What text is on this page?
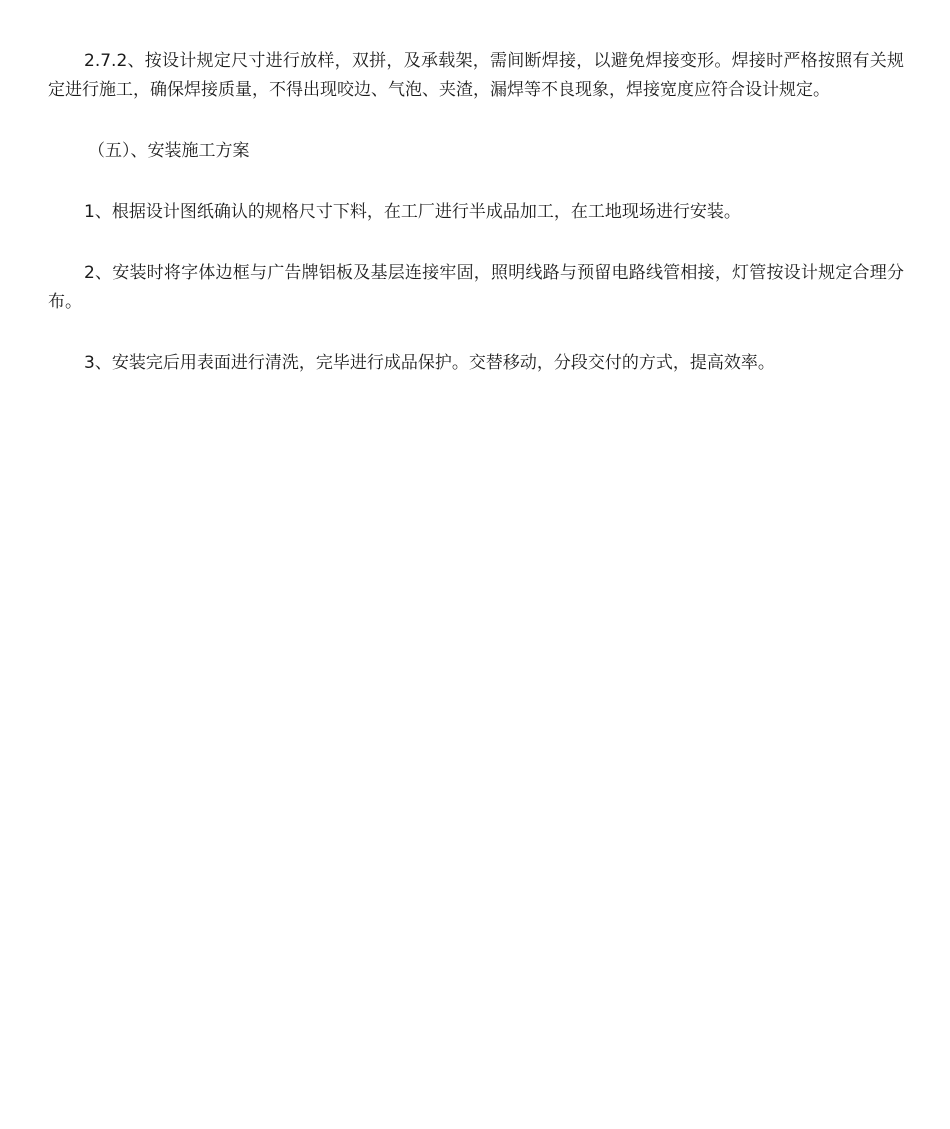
2.7.2、按设计规定尺寸进行放样，双拼，及承载架，需间断焊接，以避免焊接变形。焊接时严格按照有关规定进行施工，确保焊接质量，不得出现咬边、气泡、夹渣，漏焊等不良现象，焊接宽度应符合设计规定。

（五）、安装施工方案

1、根据设计图纸确认的规格尺寸下料，在工厂进行半成品加工，在工地现场进行安装。

2、安装时将字体边框与广告牌铝板及基层连接牢固，照明线路与预留电路线管相接，灯管按设计规定合理分布。

3、安装完后用表面进行清洗，完毕进行成品保护。交替移动，分段交付的方式，提高效率。
